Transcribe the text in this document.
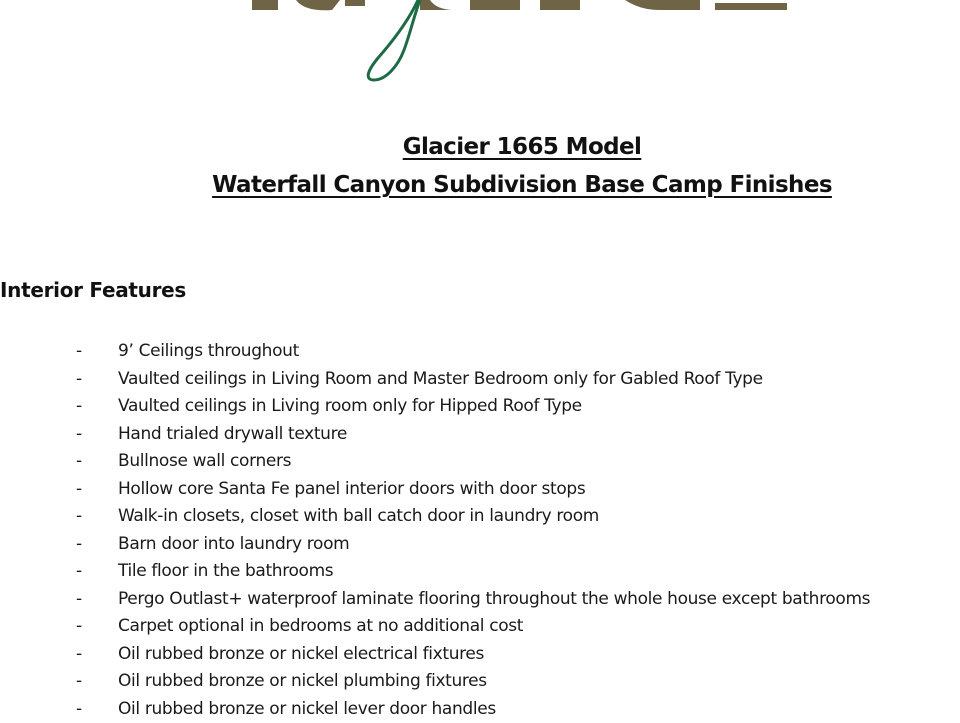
Glacier 1665 Model
Waterfall Canyon Subdivision Base Camp Finishes
Interior Features
- 9’ Ceilings throughout
- Vaulted ceilings in Living Room and Master Bedroom only for Gabled Roof Type
- Vaulted ceilings in Living room only for Hipped Roof Type
- Hand trialed drywall texture
- Bullnose wall corners
- Hollow core Santa Fe panel interior doors with door stops
- Walk-in closets, closet with ball catch door in laundry room
- Barn door into laundry room
- Tile floor in the bathrooms
- Pergo Outlast+ waterproof laminate flooring throughout the whole house except bathrooms
- Carpet optional in bedrooms at no additional cost
- Oil rubbed bronze or nickel electrical fixtures
- Oil rubbed bronze or nickel plumbing fixtures
- Oil rubbed bronze or nickel lever door handles
